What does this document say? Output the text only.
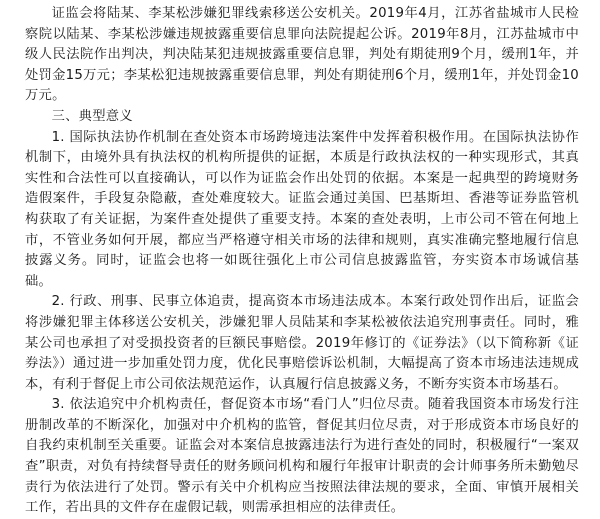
证监会将陆某、李某松涉嫌犯罪线索移送公安机关。2019年4月，江苏省盐城市人民检察院以陆某、李某松涉嫌违规披露重要信息罪向法院提起公诉。2019年8月，江苏盐城市中级人民法院作出判决，判决陆某犯违规披露重要信息罪，判处有期徒刑9个月，缓刑1年，并处罚金15万元；李某松犯违规披露重要信息罪，判处有期徒刑6个月，缓刑1年，并处罚金10万元。

三、典型意义

1. 国际执法协作机制在查处资本市场跨境违法案件中发挥着积极作用。在国际执法协作机制下，由境外具有执法权的机构所提供的证据，本质是行政执法权的一种实现形式，其真实性和合法性可以直接确认，可以作为证监会作出处罚的依据。本案是一起典型的跨境财务造假案件，手段复杂隐蔽，查处难度较大。证监会通过美国、巴基斯坦、香港等证券监管机构获取了有关证据，为案件查处提供了重要支持。本案的查处表明，上市公司不管在何地上市，不管业务如何开展，都应当严格遵守相关市场的法律和规则，真实准确完整地履行信息披露义务。同时，证监会也将一如既往强化上市公司信息披露监管，夯实资本市场诚信基础。

2. 行政、刑事、民事立体追责，提高资本市场违法成本。本案行政处罚作出后，证监会将涉嫌犯罪主体移送公安机关，涉嫌犯罪人员陆某和李某松被依法追究刑事责任。同时，雅某公司也承担了对受损投资者的巨额民事赔偿。2019年修订的《证券法》（以下简称新《证券法》）通过进一步加重处罚力度，优化民事赔偿诉讼机制，大幅提高了资本市场违法违规成本，有利于督促上市公司依法规范运作，认真履行信息披露义务，不断夯实资本市场基石。

3. 依法追究中介机构责任，督促资本市场“看门人”归位尽责。随着我国资本市场发行注册制改革的不断深化，加强对中介机构的监管，督促其归位尽责，对于形成资本市场良好的自我约束机制至关重要。证监会对本案信息披露违法行为进行查处的同时，积极履行“一案双查”职责，对负有持续督导责任的财务顾问机构和履行年报审计职责的会计师事务所未勤勉尽责行为依法进行了处罚。警示有关中介机构应当按照法律法规的要求，全面、审慎开展相关工作，若出具的文件存在虚假记载，则需承担相应的法律责任。
